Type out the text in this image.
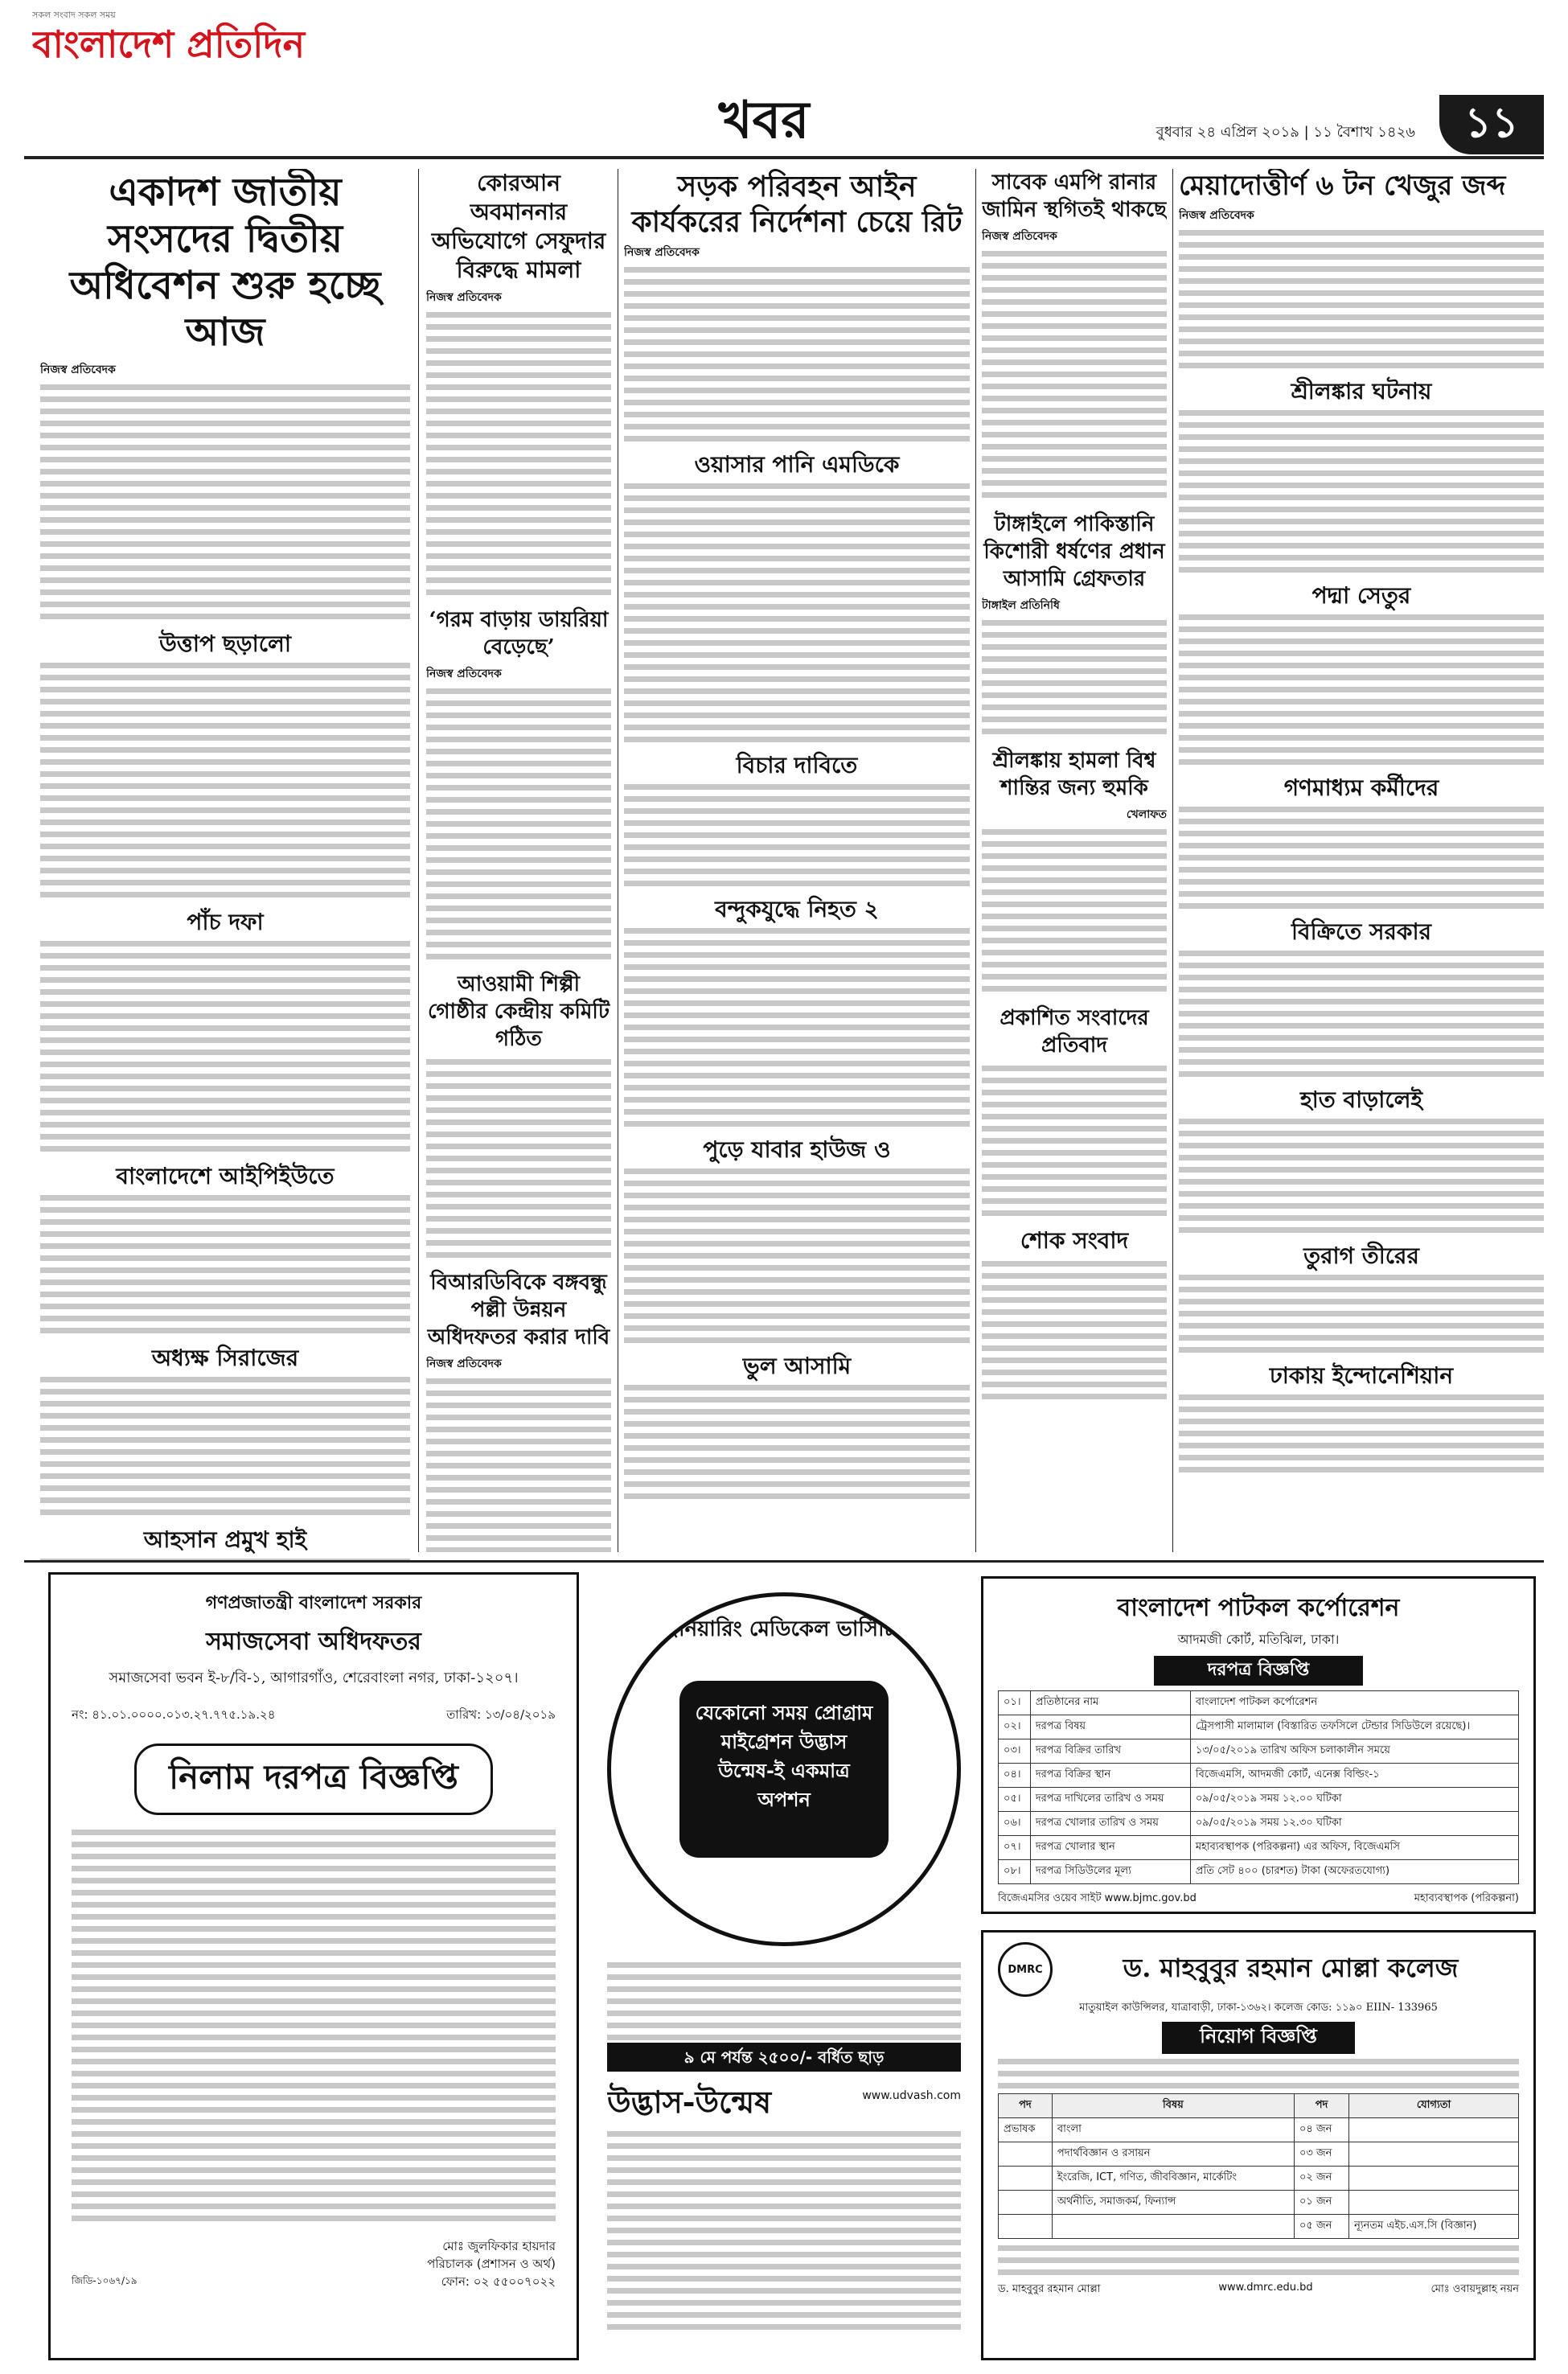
সকল সংবাদ সকল সময়
বাংলাদেশ প্রতিদিন
খবর	বুধবার ২৪ এপ্রিল ২০১৯ | ১১ বৈশাখ ১৪২৬	১১
একাদশ জাতীয় সংসদের দ্বিতীয় অধিবেশন শুরু হচ্ছে আজ
নিজস্ব প্রতিবেদক
উত্তাপ ছড়ালো
পাঁচ দফা
বাংলাদেশে আইপিইউতে
অধ্যক্ষ সিরাজের
আহসান প্রমুখ হাই
কোরআন অবমাননার অভিযোগে সেফুদার বিরুদ্ধে মামলা
নিজস্ব প্রতিবেদক
‘গরম বাড়ায় ডায়রিয়া বেড়েছে’
নিজস্ব প্রতিবেদক
আওয়ামী শিল্পী গোষ্ঠীর কেন্দ্রীয় কমিটি গঠিত
বিআরডিবিকে বঙ্গবন্ধু পল্লী উন্নয়ন অধিদফতর করার দাবি
নিজস্ব প্রতিবেদক
সড়ক পরিবহন আইন কার্যকরের নির্দেশনা চেয়ে রিট
নিজস্ব প্রতিবেদক
ওয়াসার পানি এমডিকে
বিচার দাবিতে
বন্দুকযুদ্ধে নিহত ২
পুড়ে যাবার হাউজ ও
ভুল আসামি
সাবেক এমপি রানার জামিন স্থগিতই থাকছে
নিজস্ব প্রতিবেদক
টাঙ্গাইলে পাকিস্তানি কিশোরী ধর্ষণের প্রধান আসামি গ্রেফতার
টাঙ্গাইল প্রতিনিধি
শ্রীলঙ্কায় হামলা বিশ্ব শান্তির জন্য হুমকি
খেলাফত
প্রকাশিত সংবাদের প্রতিবাদ
শোক সংবাদ
মেয়াদোত্তীর্ণ ৬ টন খেজুর জব্দ
নিজস্ব প্রতিবেদক
শ্রীলঙ্কার ঘটনায়
পদ্মা সেতুর
গণমাধ্যম কর্মীদের
বিক্রিতে সরকার
হাত বাড়ালেই
তুরাগ তীরের
ঢাকায় ইন্দোনেশিয়ান
গণপ্রজাতন্ত্রী বাংলাদেশ সরকার
সমাজসেবা অধিদফতর
সমাজসেবা ভবন ই-৮/বি-১, আগারগাঁও, শেরেবাংলা নগর, ঢাকা-১২০৭।
নং: ৪১.০১.০০০০.০১৩.২৭.৭৭৫.১৯.২৪	তারিখ: ১৩/০৪/২০১৯
নিলাম দরপত্র বিজ্ঞপ্তি
মোঃ জুলফিকার হায়দার
পরিচালক (প্রশাসন ও অর্থ)
ফোন: ০২ ৫৫০০৭০২২
জিডি-১০৬৭/১৯
ইঞ্জিনিয়ারিং মেডিকেল ভার্সিটি ‘ক’
যেকোনো সময় প্রোগ্রাম মাইগ্রেশন উদ্ভাস উন্মেষ-ই একমাত্র অপশন
৯ মে পর্যন্ত ২৫০০/- বর্ধিত ছাড়
উদ্ভাস-উন্মেষ	www.udvash.com
বাংলাদেশ পাটকল কর্পোরেশন
আদমজী কোর্ট, মতিঝিল, ঢাকা।
দরপত্র বিজ্ঞপ্তি
০১।	প্রতিষ্ঠানের নাম	বাংলাদেশ পাটকল কর্পোরেশন
০২।	দরপত্র বিষয়	ট্রেসপাসী মালামাল (বিস্তারিত তফসিলে টেন্ডার সিডিউলে রয়েছে)।
০৩।	দরপত্র বিক্রির তারিখ	১৩/০৫/২০১৯ তারিখ অফিস চলাকালীন সময়ে
০৪।	দরপত্র বিক্রির স্থান	বিজেএমসি, আদমজী কোর্ট, এনেক্স বিল্ডিং-১
০৫।	দরপত্র দাখিলের তারিখ ও সময়	০৯/০৫/২০১৯ সময় ১২.০০ ঘটিকা
০৬।	দরপত্র খোলার তারিখ ও সময়	০৯/০৫/২০১৯ সময় ১২.৩০ ঘটিকা
০৭।	দরপত্র খোলার স্থান	মহাব্যবস্থাপক (পরিকল্পনা) এর অফিস, বিজেএমসি
০৮।	দরপত্র সিডিউলের মূল্য	প্রতি সেট ৪০০ (চারশত) টাকা (অফেরতযোগ্য)
বিজেএমসির ওয়েব সাইট www.bjmc.gov.bd	মহাব্যবস্থাপক (পরিকল্পনা)
DMRC	ড. মাহবুবুর রহমান মোল্লা কলেজ
মাতুয়াইল কাউন্সিলর, যাত্রাবাড়ী, ঢাকা-১৩৬২। কলেজ কোড: ১১৯০ EIIN- 133965
নিয়োগ বিজ্ঞপ্তি
পদ	বিষয়	পদ	যোগ্যতা
প্রভাষক	বাংলা	০৪ জন	
	পদার্থবিজ্ঞান ও রসায়ন	০৩ জন	
	ইংরেজি, ICT, গণিত, জীববিজ্ঞান, মার্কেটিং	০২ জন	
	অর্থনীতি, সমাজকর্ম, ফিন্যান্স	০১ জন	
		০৫ জন	ন্যূনতম এইচ.এস.সি (বিজ্ঞান)
ড. মাহবুবুর রহমান মোল্লা	www.dmrc.edu.bd	মোঃ ওবায়দুল্লাহ নয়ন
